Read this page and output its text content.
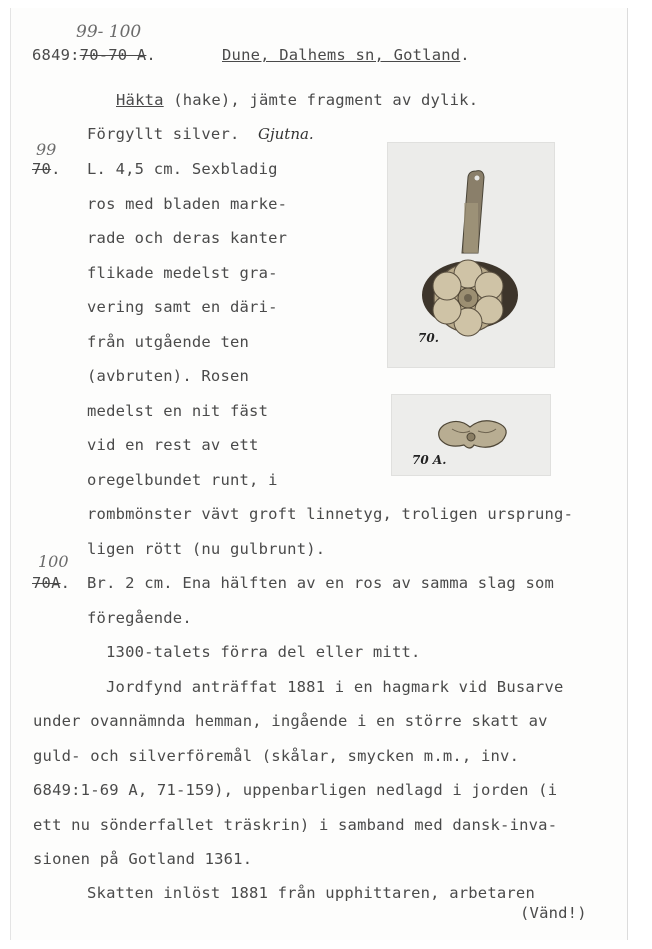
99- 100
6849:70-70 A.	Dune, Dalhems sn, Gotland.
Häkta (hake), jämte fragment av dylik.
Förgyllt silver. Gjutna.
99
70. L. 4,5 cm. Sexbladig
ros med bladen marke-
rade och deras kanter
flikade medelst gra-
vering samt en däri-
från utgående ten
(avbruten). Rosen
medelst en nit fäst
vid en rest av ett
oregelbundet runt, i
rombmönster vävt groft linnetyg, troligen ursprung-
ligen rött (nu gulbrunt).
70.
70 A.
100
70A. Br. 2 cm. Ena hälften av en ros av samma slag som
föregående.
1300-talets förra del eller mitt.
Jordfynd anträffat 1881 i en hagmark vid Busarve
under ovannämnda hemman, ingående i en större skatt av
guld- och silverföremål (skålar, smycken m.m., inv.
6849:1-69 A, 71-159), uppenbarligen nedlagd i jorden (i
ett nu sönderfallet träskrin) i samband med dansk-inva-
sionen på Gotland 1361.
Skatten inlöst 1881 från upphittaren, arbetaren
(Vänd!)
